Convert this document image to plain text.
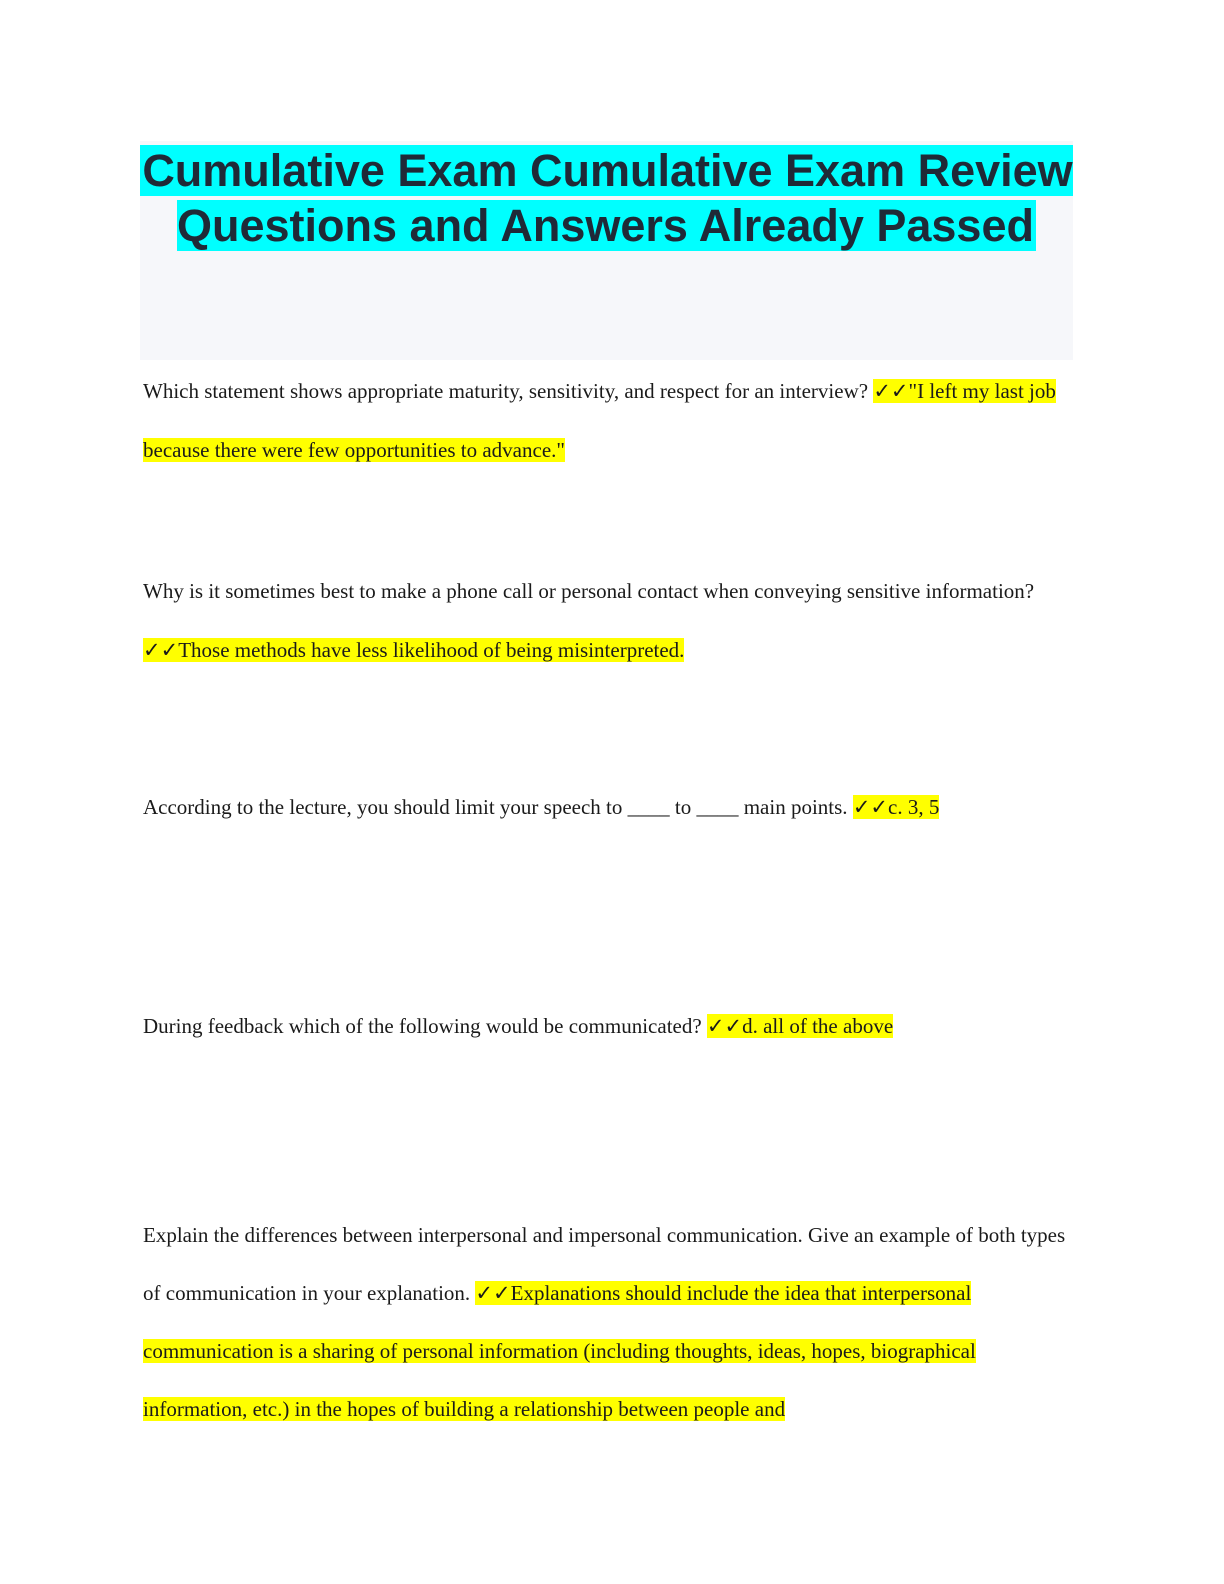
Cumulative Exam Cumulative Exam Review Questions and Answers Already Passed

Which statement shows appropriate maturity, sensitivity, and respect for an interview? ✓✓"I left my last job because there were few opportunities to advance."

Why is it sometimes best to make a phone call or personal contact when conveying sensitive information? ✓✓Those methods have less likelihood of being misinterpreted.

According to the lecture, you should limit your speech to ____ to ____ main points. ✓✓c. 3, 5

During feedback which of the following would be communicated? ✓✓d. all of the above

Explain the differences between interpersonal and impersonal communication. Give an example of both types of communication in your explanation. ✓✓Explanations should include the idea that interpersonal communication is a sharing of personal information (including thoughts, ideas, hopes, biographical information, etc.) in the hopes of building a relationship between people and
